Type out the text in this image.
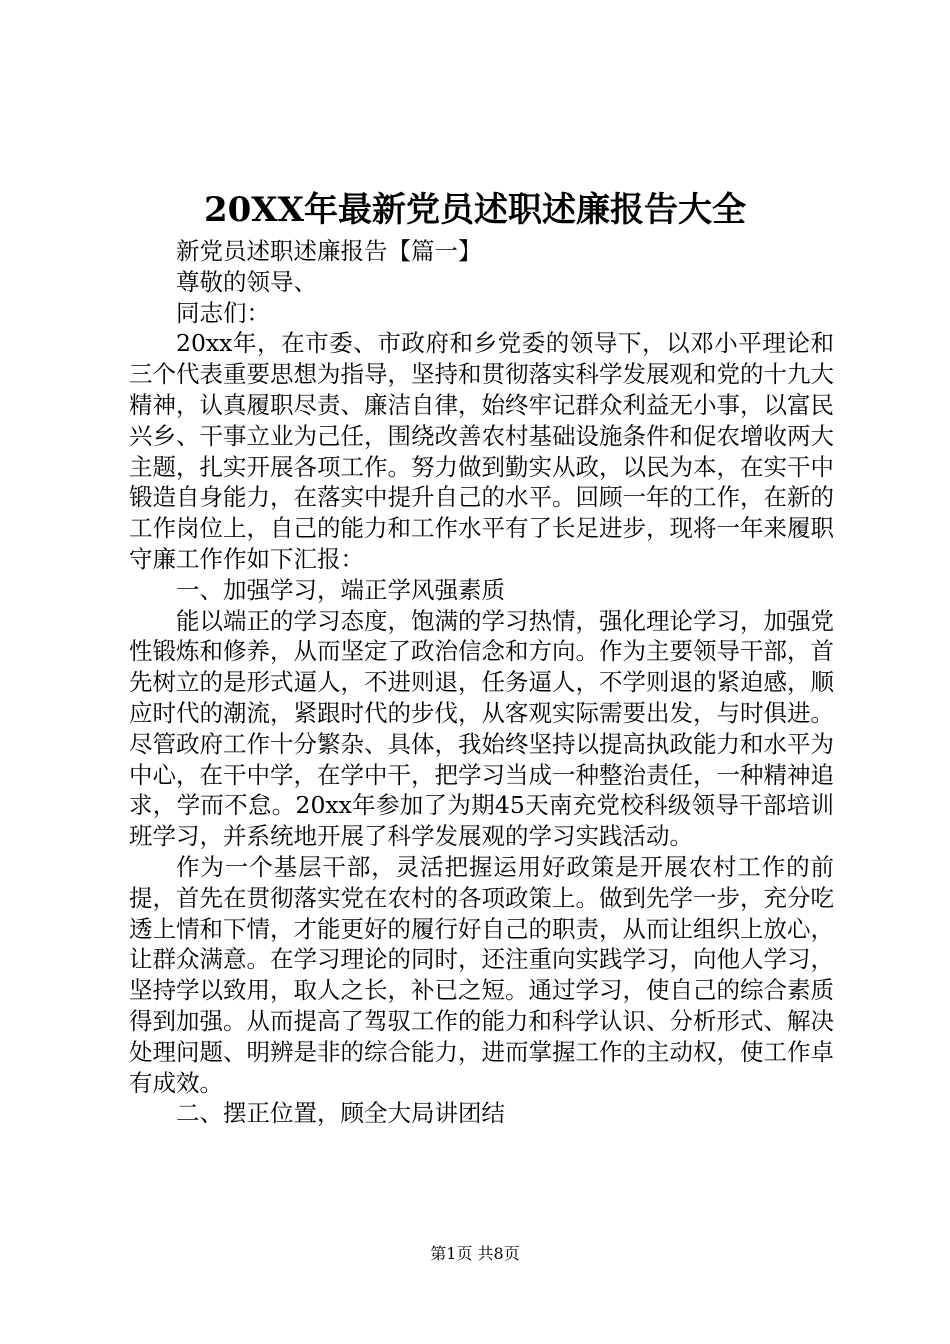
20XX年最新党员述职述廉报告大全

新党员述职述廉报告【篇一】

尊敬的领导、

同志们：

20xx年，在市委、市政府和乡党委的领导下，以邓小平理论和三个代表重要思想为指导，坚持和贯彻落实科学发展观和党的十九大精神，认真履职尽责、廉洁自律，始终牢记群众利益无小事，以富民兴乡、干事立业为己任，围绕改善农村基础设施条件和促农增收两大主题，扎实开展各项工作。努力做到勤实从政，以民为本，在实干中锻造自身能力，在落实中提升自己的水平。回顾一年的工作，在新的工作岗位上，自己的能力和工作水平有了长足进步，现将一年来履职守廉工作作如下汇报：

一、加强学习，端正学风强素质

能以端正的学习态度，饱满的学习热情，强化理论学习，加强党性锻炼和修养，从而坚定了政治信念和方向。作为主要领导干部，首先树立的是形式逼人，不进则退，任务逼人，不学则退的紧迫感，顺应时代的潮流，紧跟时代的步伐，从客观实际需要出发，与时俱进。尽管政府工作十分繁杂、具体，我始终坚持以提高执政能力和水平为中心，在干中学，在学中干，把学习当成一种整治责任，一种精神追求，学而不怠。20xx年参加了为期45天南充党校科级领导干部培训班学习，并系统地开展了科学发展观的学习实践活动。

作为一个基层干部，灵活把握运用好政策是开展农村工作的前提，首先在贯彻落实党在农村的各项政策上。做到先学一步，充分吃透上情和下情，才能更好的履行好自己的职责，从而让组织上放心，让群众满意。在学习理论的同时，还注重向实践学习，向他人学习，坚持学以致用，取人之长，补已之短。通过学习，使自己的综合素质得到加强。从而提高了驾驭工作的能力和科学认识、分析形式、解决处理问题、明辨是非的综合能力，进而掌握工作的主动权，使工作卓有成效。

二、摆正位置，顾全大局讲团结

第1页 共8页
